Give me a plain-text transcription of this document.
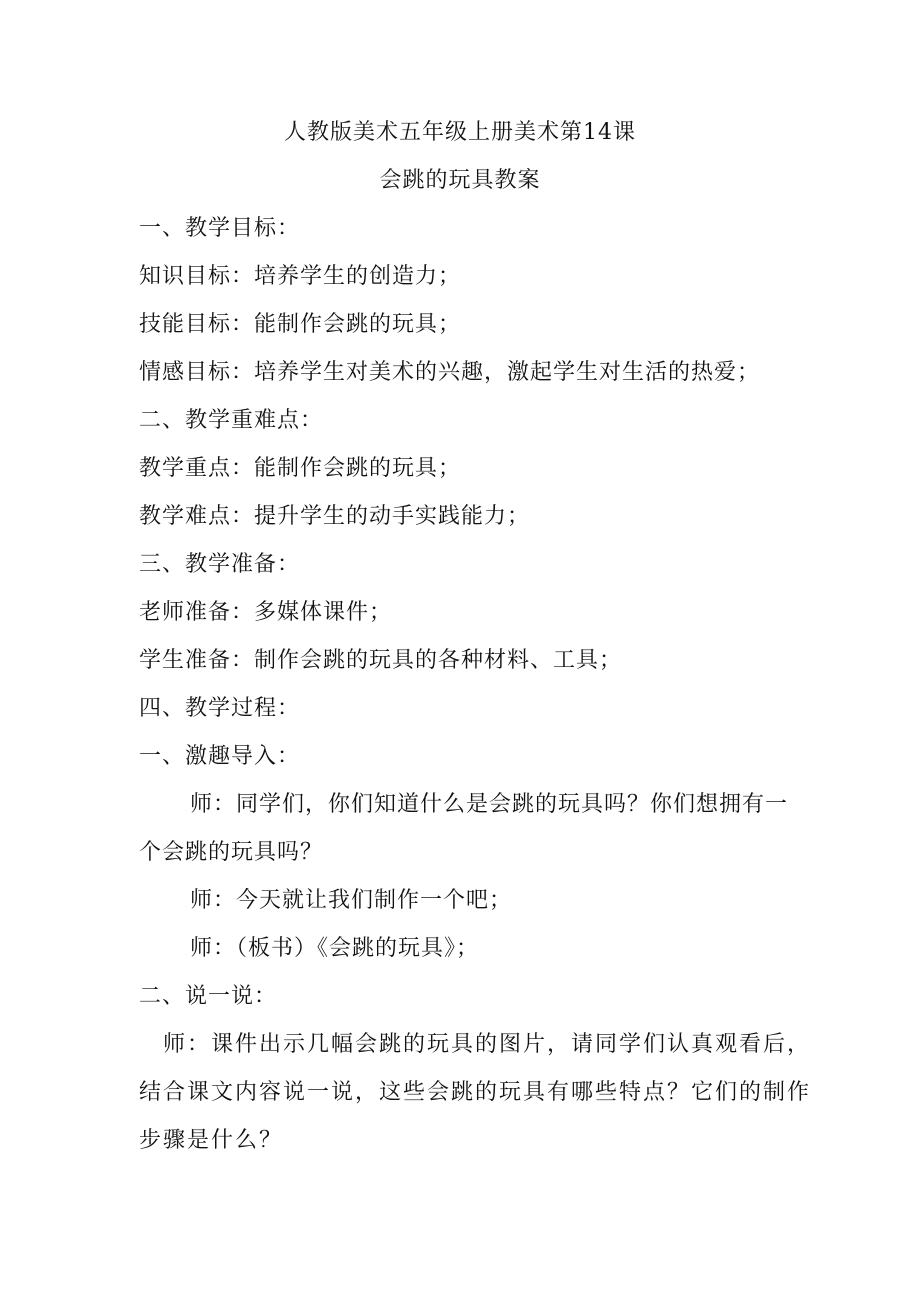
人教版美术五年级上册美术第14课
会跳的玩具教案
一、教学目标：
知识目标：培养学生的创造力；
技能目标：能制作会跳的玩具；
情感目标：培养学生对美术的兴趣，激起学生对生活的热爱；
二、教学重难点：
教学重点：能制作会跳的玩具；
教学难点：提升学生的动手实践能力；
三、教学准备：
老师准备：多媒体课件；
学生准备：制作会跳的玩具的各种材料、工具；
四、教学过程：
一、激趣导入：
师：同学们，你们知道什么是会跳的玩具吗？你们想拥有一
个会跳的玩具吗？
师：今天就让我们制作一个吧；
师：（板书）《会跳的玩具》；
二、说一说：
师：课件出示几幅会跳的玩具的图片，请同学们认真观看后，
结合课文内容说一说，这些会跳的玩具有哪些特点？它们的制作
步骤是什么？
